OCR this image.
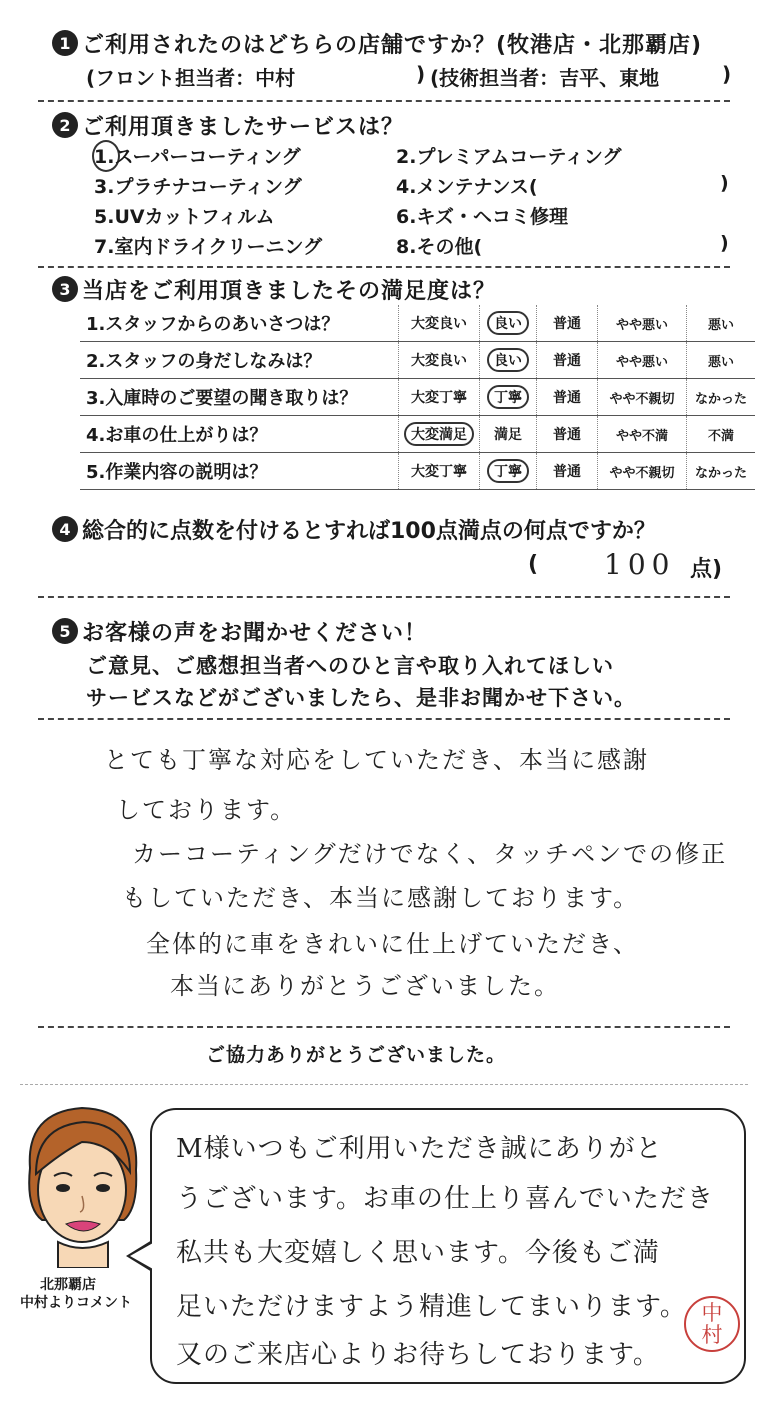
1 ご利用されたのはどちらの店舗ですか？(牧港店・北那覇店)
(フロント担当者：中村	) (技術担当者：吉平、東地	)
2 ご利用頂きましたサービスは？
1.スーパーコーティング	2.プレミアムコーティング
3.プラチナコーティング	4.メンテナンス(	)
5.UVカットフィルム	6.キズ・ヘコミ修理
7.室内ドライクリーニング	8.その他(	)
3 当店をご利用頂きましたその満足度は？
1.スタッフからのあいさつは？	大変良い	良い	普通	やや悪い	悪い
2.スタッフの身だしなみは？	大変良い	良い	普通	やや悪い	悪い
3.入庫時のご要望の聞き取りは？	大変丁寧	丁寧	普通	やや不親切	なかった
4.お車の仕上がりは？	大変満足	満足	普通	やや不満	不満
5.作業内容の説明は？	大変丁寧	丁寧	普通	やや不親切	なかった
4 総合的に点数を付けるとすれば100点満点の何点ですか？
( 100 点)
5 お客様の声をお聞かせください！
ご意見、ご感想担当者へのひと言や取り入れてほしい
サービスなどがございましたら、是非お聞かせ下さい。
とても丁寧な対応をしていただき、本当に感謝
しております。
カーコーティングだけでなく、タッチペンでの修正
もしていただき、本当に感謝しております。
全体的に車をきれいに仕上げていただき、
本当にありがとうございました。
ご協力ありがとうございました。
北那覇店
中村よりコメント
M様いつもご利用いただき誠にありがと
うございます。お車の仕上り喜んでいただき
私共も大変嬉しく思います。今後もご満
足いただけますよう精進してまいります。
又のご来店心よりお待ちしております。
中
村
